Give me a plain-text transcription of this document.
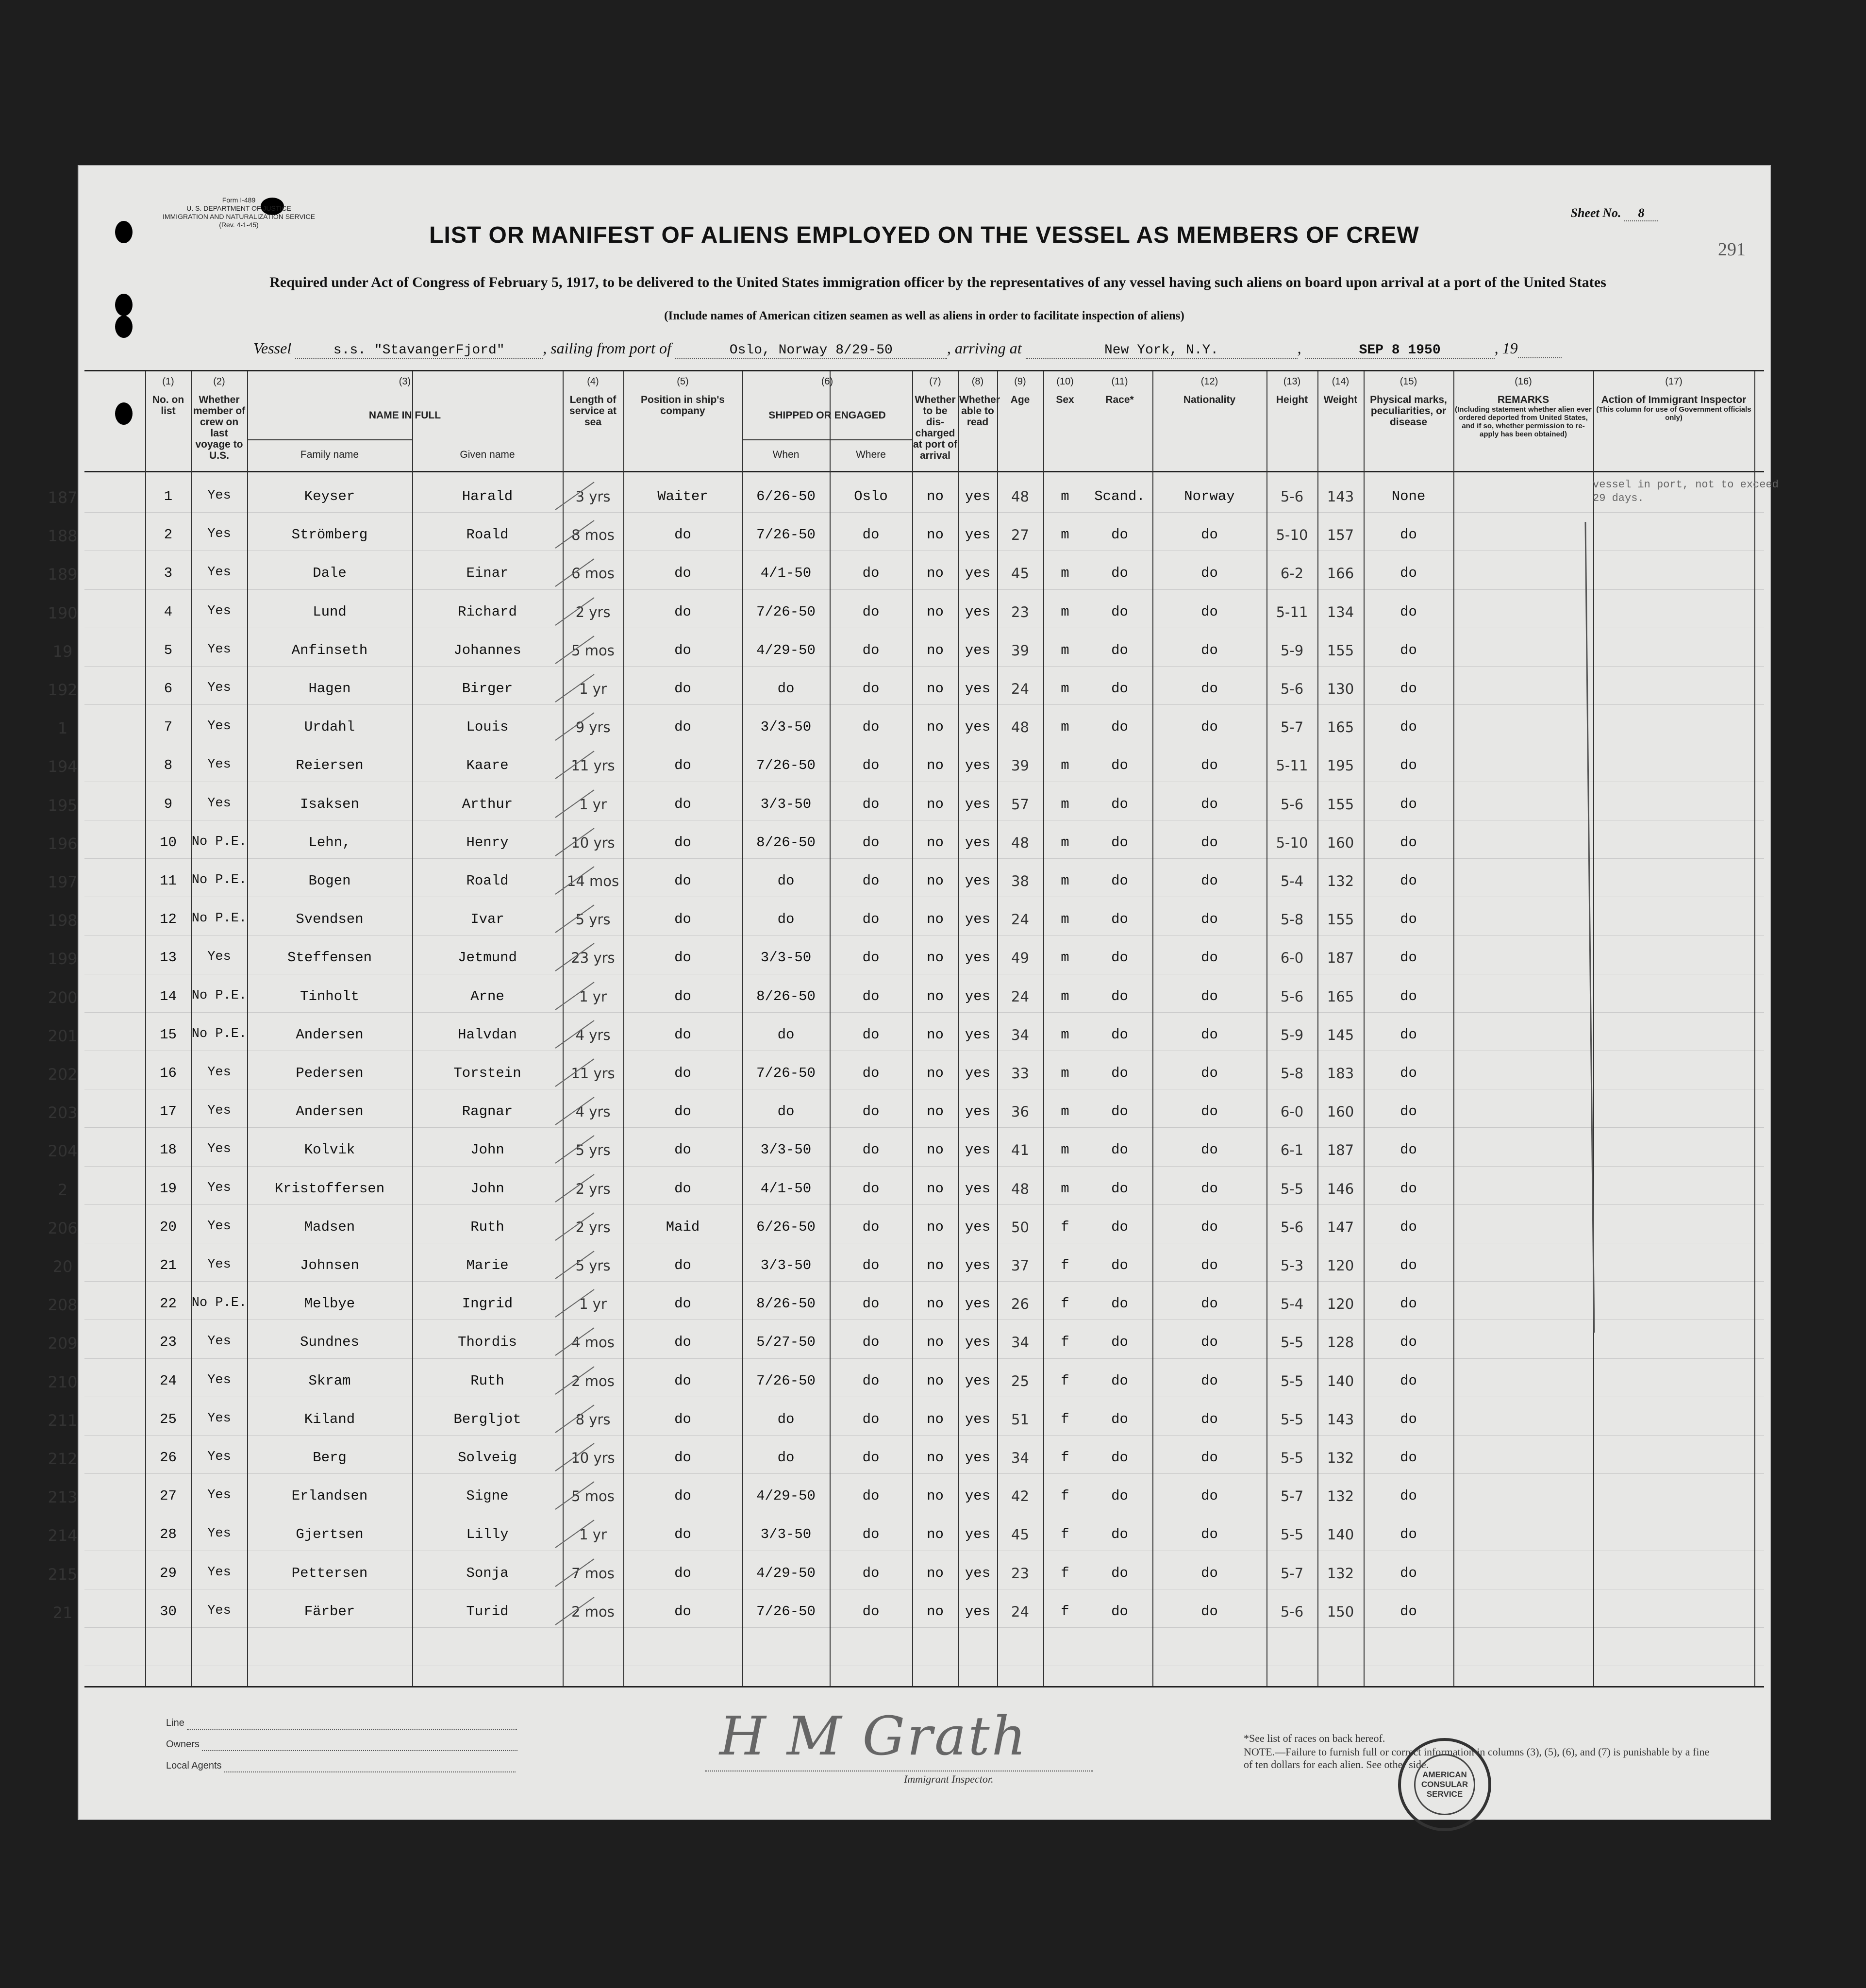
Form I-489
U. S. DEPARTMENT OF JUSTICE
IMMIGRATION AND NATURALIZATION SERVICE
(Rev. 4-1-45)
Sheet No. 8
291
LIST OR MANIFEST OF ALIENS EMPLOYED ON THE VESSEL AS MEMBERS OF CREW
Required under Act of Congress of February 5, 1917, to be delivered to the United States immigration officer by the representatives of any vessel having such aliens on board upon arrival at a port of the United States
(Include names of American citizen seamen as well as aliens in order to facilitate inspection of aliens)
Vessel	s.s. "StavangerFjord" , sailing from port of	Oslo, Norway 8/29-50	, arriving at	New York, N.Y.	,	SEP 8 1950	, 19
(1)
No. on list
(2)
Whether member of crew on last voyage to U.S.
(3)
NAME IN FULL
Family name	Given name
(4)
Length of service at sea
(5)
Position in ship's company
(6)
SHIPPED OR ENGAGED
When	Where
(7)
Whether to be dis-charged at port of arrival
(8)
Whether able to read
(9)
Age
(10)
Sex
(11)
Race*
(12)
Nationality
(13)
Height
(14)
Weight
(15)
Physical marks, peculiarities, or disease
(16)
REMARKS
(Including statement whether alien ever ordered deported from United States, and if so, whether permission to re-apply has been obtained)
(17)
Action of Immigrant Inspector
(This column for use of Government officials only)
187	1	Yes	Keyser	Harald	3 yrs	Waiter	6/26-50	Oslo	no	yes	48	m	Scand.	Norway	5-6	143	None
188	2	Yes	Strömberg	Roald	8 mos	do	7/26-50	do	no	yes	27	m	do	do	5-10	157	do
189	3	Yes	Dale	Einar	6 mos	do	4/1-50	do	no	yes	45	m	do	do	6-2	166	do
190	4	Yes	Lund	Richard	2 yrs	do	7/26-50	do	no	yes	23	m	do	do	5-11	134	do
19	5	Yes	Anfinseth	Johannes	5 mos	do	4/29-50	do	no	yes	39	m	do	do	5-9	155	do
192	6	Yes	Hagen	Birger	1 yr	do	do	do	no	yes	24	m	do	do	5-6	130	do
1	7	Yes	Urdahl	Louis	9 yrs	do	3/3-50	do	no	yes	48	m	do	do	5-7	165	do
194	8	Yes	Reiersen	Kaare	11 yrs	do	7/26-50	do	no	yes	39	m	do	do	5-11	195	do
195	9	Yes	Isaksen	Arthur	1 yr	do	3/3-50	do	no	yes	57	m	do	do	5-6	155	do
196	10	No P.E.	Lehn,	Henry	10 yrs	do	8/26-50	do	no	yes	48	m	do	do	5-10	160	do
197	11	No P.E.	Bogen	Roald	14 mos	do	do	do	no	yes	38	m	do	do	5-4	132	do
198	12	No P.E.	Svendsen	Ivar	5 yrs	do	do	do	no	yes	24	m	do	do	5-8	155	do
199	13	Yes	Steffensen	Jetmund	23 yrs	do	3/3-50	do	no	yes	49	m	do	do	6-0	187	do
200	14	No P.E.	Tinholt	Arne	1 yr	do	8/26-50	do	no	yes	24	m	do	do	5-6	165	do
201	15	No P.E.	Andersen	Halvdan	4 yrs	do	do	do	no	yes	34	m	do	do	5-9	145	do
202	16	Yes	Pedersen	Torstein	11 yrs	do	7/26-50	do	no	yes	33	m	do	do	5-8	183	do
203	17	Yes	Andersen	Ragnar	4 yrs	do	do	do	no	yes	36	m	do	do	6-0	160	do
204	18	Yes	Kolvik	John	5 yrs	do	3/3-50	do	no	yes	41	m	do	do	6-1	187	do
2	19	Yes	Kristoffersen	John	2 yrs	do	4/1-50	do	no	yes	48	m	do	do	5-5	146	do
206	20	Yes	Madsen	Ruth	2 yrs	Maid	6/26-50	do	no	yes	50	f	do	do	5-6	147	do
20	21	Yes	Johnsen	Marie	5 yrs	do	3/3-50	do	no	yes	37	f	do	do	5-3	120	do
208	22	No P.E.	Melbye	Ingrid	1 yr	do	8/26-50	do	no	yes	26	f	do	do	5-4	120	do
209	23	Yes	Sundnes	Thordis	4 mos	do	5/27-50	do	no	yes	34	f	do	do	5-5	128	do
210	24	Yes	Skram	Ruth	2 mos	do	7/26-50	do	no	yes	25	f	do	do	5-5	140	do
211	25	Yes	Kiland	Bergljot	8 yrs	do	do	do	no	yes	51	f	do	do	5-5	143	do
212	26	Yes	Berg	Solveig	10 yrs	do	do	do	no	yes	34	f	do	do	5-5	132	do
213	27	Yes	Erlandsen	Signe	5 mos	do	4/29-50	do	no	yes	42	f	do	do	5-7	132	do
214	28	Yes	Gjertsen	Lilly	1 yr	do	3/3-50	do	no	yes	45	f	do	do	5-5	140	do
215	29	Yes	Pettersen	Sonja	7 mos	do	4/29-50	do	no	yes	23	f	do	do	5-7	132	do
21	30	Yes	Färber	Turid	2 mos	do	7/26-50	do	no	yes	24	f	do	do	5-6	150	do
vessel in port, not to exceed 29 days.
Line
Owners
Local Agents	H M Grath
Immigrant Inspector.
*See list of races on back hereof.
NOTE.—Failure to furnish full or correct information in columns (3), (5), (6), and (7) is punishable by a fine of ten dollars for each alien. See other side.
AMERICAN CONSULAR SERVICE
